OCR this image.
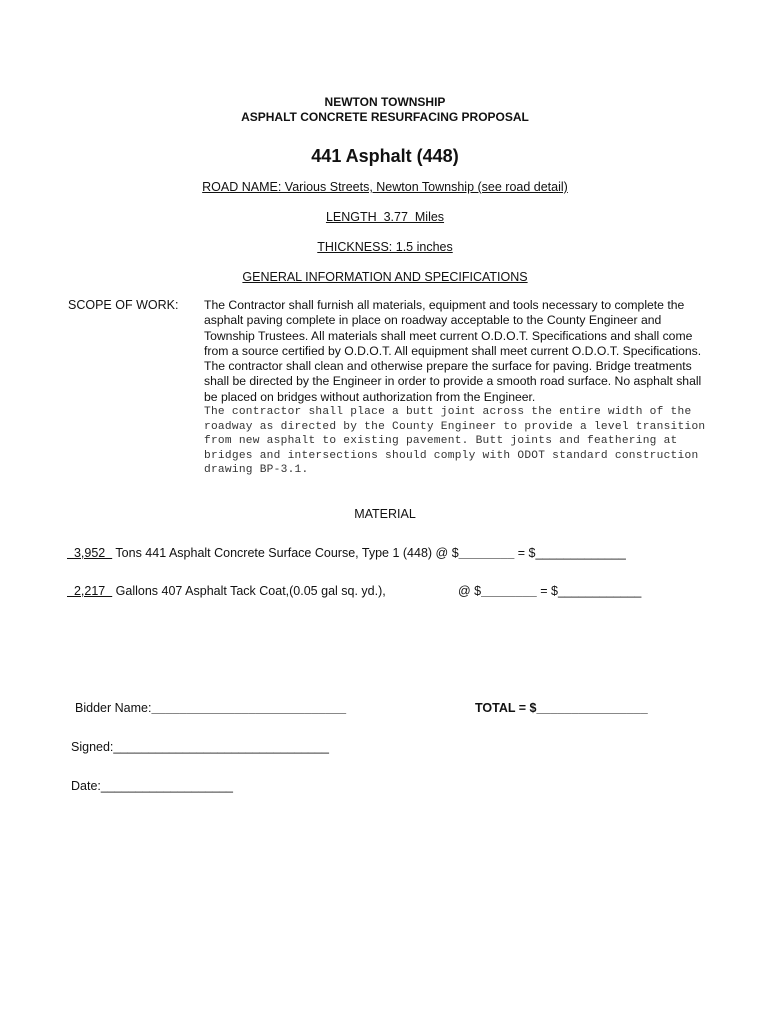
NEWTON TOWNSHIP
ASPHALT CONCRETE RESURFACING PROPOSAL
441 Asphalt (448)
ROAD NAME: Various Streets, Newton Township (see road detail)
LENGTH  3.77  Miles
THICKNESS: 1.5 inches
GENERAL INFORMATION AND SPECIFICATIONS
SCOPE OF WORK: The Contractor shall furnish all materials, equipment and tools necessary to complete the asphalt paving complete in place on roadway acceptable to the County Engineer and Township Trustees. All materials shall meet current O.D.O.T. Specifications and shall come from a source certified by O.D.O.T. All equipment shall meet current O.D.O.T. Specifications. The contractor shall clean and otherwise prepare the surface for paving. Bridge treatments shall be directed by the Engineer in order to provide a smooth road surface. No asphalt shall be placed on bridges without authorization from the Engineer.
The contractor shall place a butt joint across the entire width of the roadway as directed by the County Engineer to provide a level transition from new asphalt to existing pavement. Butt joints and feathering at bridges and intersections should comply with ODOT standard construction drawing BP-3.1.
MATERIAL
3,952   Tons 441 Asphalt Concrete Surface Course, Type 1 (448) @ $________ = $_____________
2,217   Gallons 407 Asphalt Tack Coat,(0.05 gal sq. yd.),	@ $________ = $____________
Bidder Name:____________________________	TOTAL = $________________
Signed:_______________________________
Date:___________________
